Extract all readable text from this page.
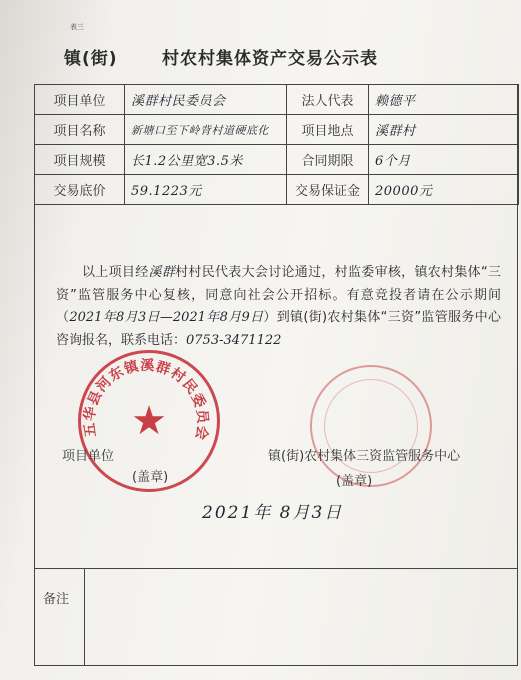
表三
镇(街)	村农村集体资产交易公示表
项目单位	溪群村民委员会	法人代表	赖德平
项目名称	新塘口至下岭背村道硬底化	项目地点	溪群村
项目规模	长1.2公里宽3.5米	合同期限	6个月
交易底价	59.1223元	交易保证金	20000元
以上项目经溪群村村民代表大会讨论通过，村监委审核，镇农村集体“三资”监管服务中心复核，同意向社会公开招标。有意竞投者请在公示期间（2021年8月3日—2021年8月9日）到镇(街)农村集体“三资”监管服务中心咨询报名，联系电话：0753-3471122
五华县河东镇溪群村民委员会
★
项目单位
(盖章)
镇(街)农村集体三资监管服务中心
(盖章)
2021年 8月3日
备注
